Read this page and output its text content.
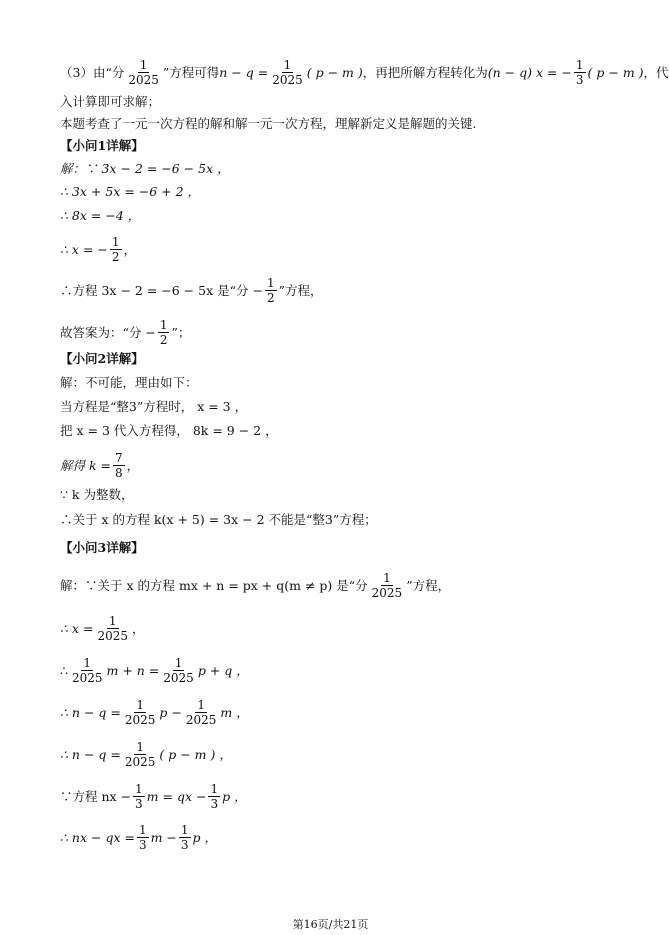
（3）由“分 $\frac{1}{2025}$ ”方程可得 $n - q = \frac{1}{2025}$ ( p − m ) ，再把所解方程转化为 (n − q) x = − $\frac{1}{3}$ ( p − m ) ，代
入计算即可求解；
本题考查了一元一次方程的解和解一元一次方程，理解新定义是解题的关键.
【小问1详解】
解：∵ 3x − 2 = −6 − 5x ，
∴ 3x + 5x = −6 + 2 ，
∴ 8x = −4 ，
∴ x = − $\frac{1}{2}$ ，
∴方程 3x − 2 = −6 − 5x 是“分 − $\frac{1}{2}$ ”方程，
故答案为：“分 − $\frac{1}{2}$ ”；
【小问2详解】
解：不可能，理由如下：
当方程是“整3”方程时， x = 3 ，
把 x = 3 代入方程得， 8k = 9 − 2 ，
解得 $k = \frac{7}{8}$ ，
∵ k 为整数，
∴关于 x 的方程 k(x + 5) = 3x − 2 不能是“整3”方程；
【小问3详解】
解：∵关于 x 的方程 mx + n = px + q(m ≠ p) 是“分 $\frac{1}{2025}$ ”方程，
∴ $x = \frac{1}{2025}$ ，
∴ $\frac{1}{2025}$ $m + n = \frac{1}{2025}$ p + q ，
∴ $n - q = \frac{1}{2025}$ $p - \frac{1}{2025}$ m ，
∴ $n - q = \frac{1}{2025}$ ( p − m ) ，
∵方程 nx − $\frac{1}{3}$ m = qx − $\frac{1}{3}$ p ，
∴ nx − qx = $\frac{1}{3}$ $m - \frac{1}{3}$ p ，
第16页/共21页
